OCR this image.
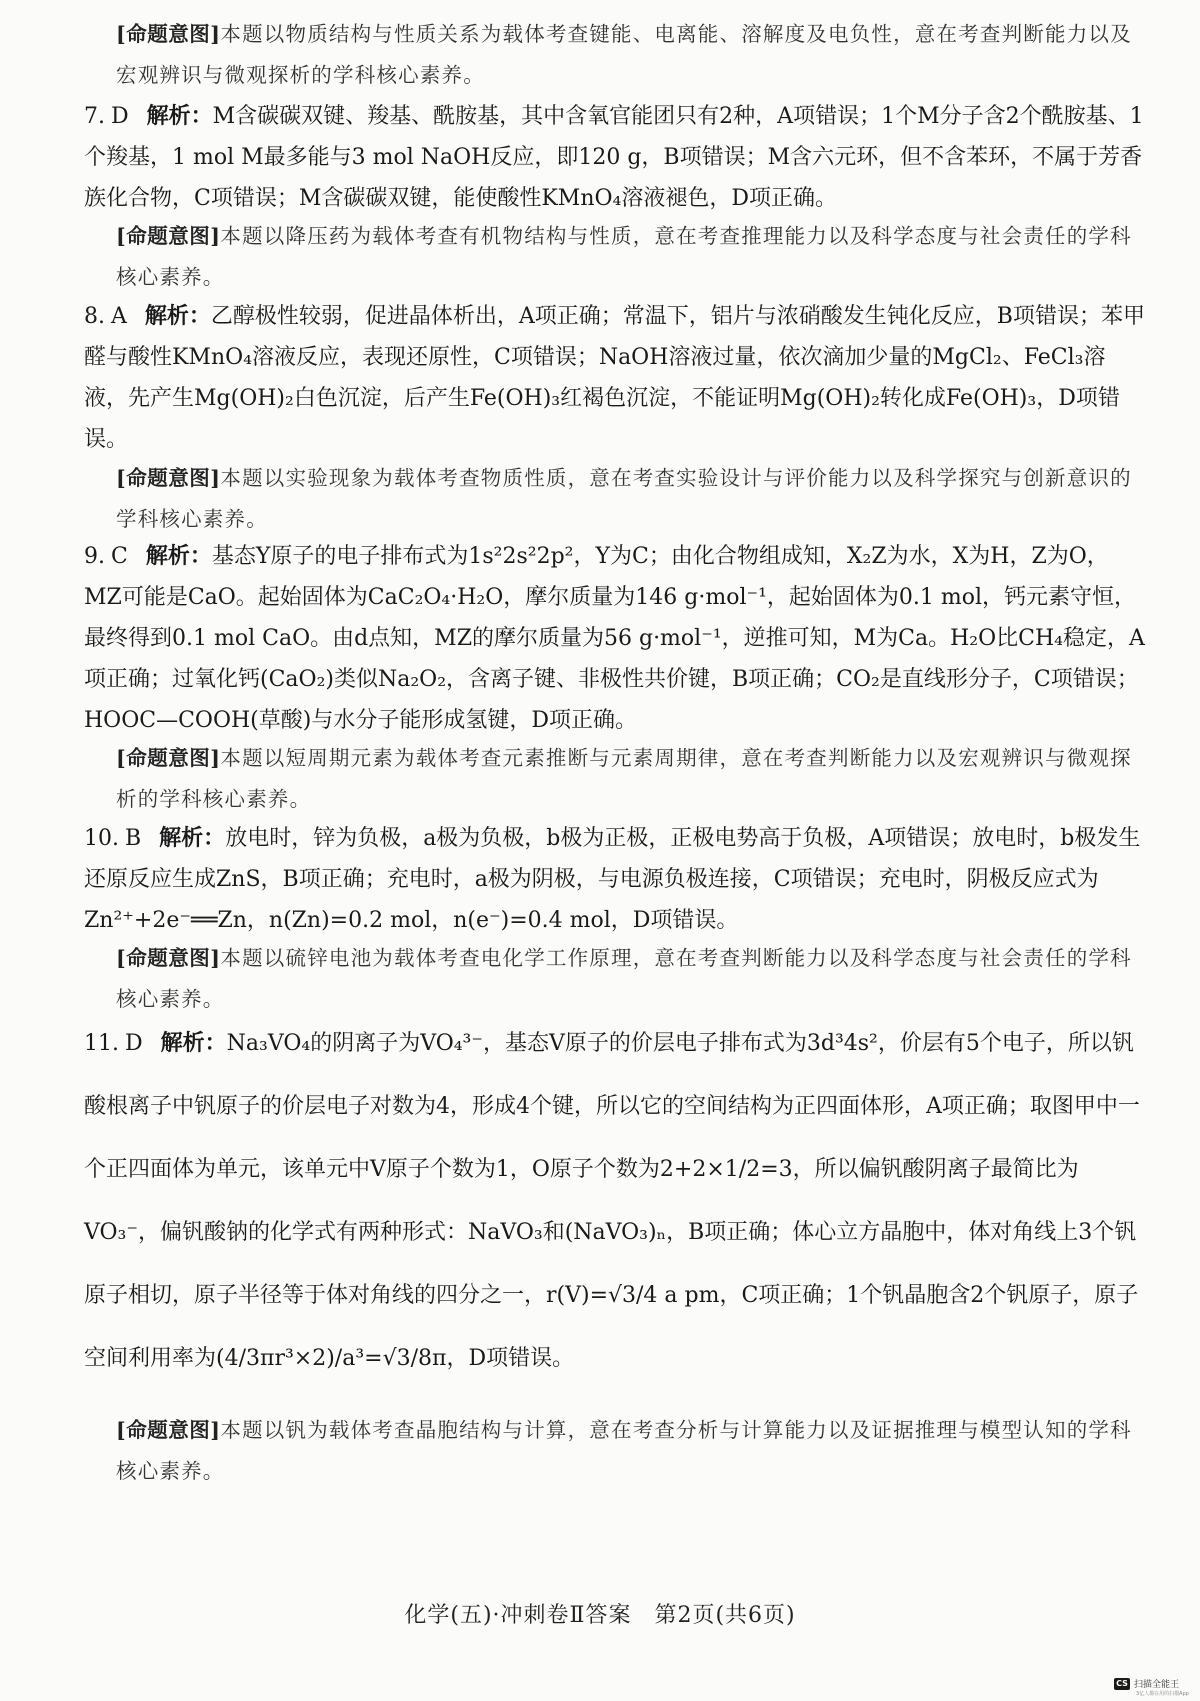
[命题意图]本题以物质结构与性质关系为载体考查键能、电离能、溶解度及电负性，意在考查判断能力以及宏观辨识与微观探析的学科核心素养。
7. D 解析：M含碳碳双键、羧基、酰胺基，其中含氧官能团只有2种，A项错误；1个M分子含2个酰胺基、1个羧基，1 mol M最多能与3 mol NaOH反应，即120 g，B项错误；M含六元环，但不含苯环，不属于芳香族化合物，C项错误；M含碳碳双键，能使酸性KMnO₄溶液褪色，D项正确。
[命题意图]本题以降压药为载体考查有机物结构与性质，意在考查推理能力以及科学态度与社会责任的学科核心素养。
8. A 解析：乙醇极性较弱，促进晶体析出，A项正确；常温下，铝片与浓硝酸发生钝化反应，B项错误；苯甲醛与酸性KMnO₄溶液反应，表现还原性，C项错误；NaOH溶液过量，依次滴加少量的MgCl₂、FeCl₃溶液，先产生Mg(OH)₂白色沉淀，后产生Fe(OH)₃红褐色沉淀，不能证明Mg(OH)₂转化成Fe(OH)₃，D项错误。
[命题意图]本题以实验现象为载体考查物质性质，意在考查实验设计与评价能力以及科学探究与创新意识的学科核心素养。
9. C 解析：基态Y原子的电子排布式为1s²2s²2p²，Y为C；由化合物组成知，X₂Z为水，X为H，Z为O，MZ可能是CaO。起始固体为CaC₂O₄·H₂O，摩尔质量为146 g·mol⁻¹，起始固体为0.1 mol，钙元素守恒，最终得到0.1 mol CaO。由d点知，MZ的摩尔质量为56 g·mol⁻¹，逆推可知，M为Ca。H₂O比CH₄稳定，A项正确；过氧化钙(CaO₂)类似Na₂O₂，含离子键、非极性共价键，B项正确；CO₂是直线形分子，C项错误；HOOC—COOH(草酸)与水分子能形成氢键，D项正确。
[命题意图]本题以短周期元素为载体考查元素推断与元素周期律，意在考查判断能力以及宏观辨识与微观探析的学科核心素养。
10. B 解析：放电时，锌为负极，a极为负极，b极为正极，正极电势高于负极，A项错误；放电时，b极发生还原反应生成ZnS，B项正确；充电时，a极为阴极，与电源负极连接，C项错误；充电时，阴极反应式为Zn²⁺+2e⁻══Zn，n(Zn)=0.2 mol，n(e⁻)=0.4 mol，D项错误。
[命题意图]本题以硫锌电池为载体考查电化学工作原理，意在考查判断能力以及科学态度与社会责任的学科核心素养。
11. D 解析：Na₃VO₄的阴离子为VO₄³⁻，基态V原子的价层电子排布式为3d³4s²，价层有5个电子，所以钒酸根离子中钒原子的价层电子对数为4，形成4个键，所以它的空间结构为正四面体形，A项正确；取图甲中一个正四面体为单元，该单元中V原子个数为1，O原子个数为2+2×1/2=3，所以偏钒酸阴离子最简比为VO₃⁻，偏钒酸钠的化学式有两种形式：NaVO₃和(NaVO₃)ₙ，B项正确；体心立方晶胞中，体对角线上3个钒原子相切，原子半径等于体对角线的四分之一，r(V)=√3/4 a pm，C项正确；1个钒晶胞含2个钒原子，原子空间利用率为(4/3πr³×2)/a³=√3/8π，D项错误。
[命题意图]本题以钒为载体考查晶胞结构与计算，意在考查分析与计算能力以及证据推理与模型认知的学科核心素养。
化学(五)·冲刺卷Ⅱ答案　第2页(共6页)
CS 扫描全能王
3亿人都在用的扫描App
